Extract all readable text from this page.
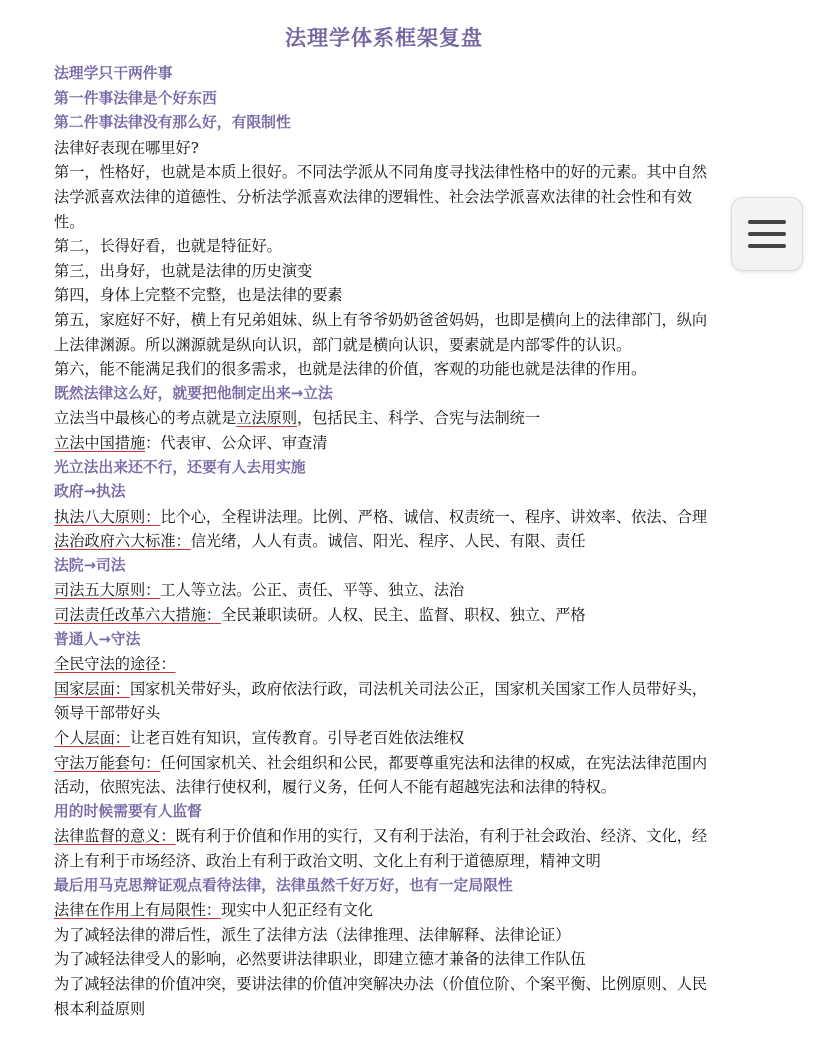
法理学体系框架复盘

法理学只干两件事

第一件事法律是个好东西

第二件事法律没有那么好，有限制性

法律好表现在哪里好?

第一，性格好，也就是本质上很好。不同法学派从不同角度寻找法律性格中的好的元素。其中自然法学派喜欢法律的道德性、分析法学派喜欢法律的逻辑性、社会法学派喜欢法律的社会性和有效性。

第二，长得好看，也就是特征好。

第三，出身好，也就是法律的历史演变

第四，身体上完整不完整，也是法律的要素

第五，家庭好不好，横上有兄弟姐妹、纵上有爷爷奶奶爸爸妈妈，也即是横向上的法律部门，纵向上法律渊源。所以渊源就是纵向认识，部门就是横向认识，要素就是内部零件的认识。

第六，能不能满足我们的很多需求，也就是法律的价值，客观的功能也就是法律的作用。

既然法律这么好，就要把他制定出来→立法

立法当中最核心的考点就是立法原则，包括民主、科学、合宪与法制统一

立法中国措施：代表审、公众评、审查清

光立法出来还不行，还要有人去用实施

政府→执法

执法八大原则：比个心，全程讲法理。比例、严格、诚信、权责统一、程序、讲效率、依法、合理

法治政府六大标准：信光绪，人人有责。诚信、阳光、程序、人民、有限、责任

法院→司法

司法五大原则：工人等立法。公正、责任、平等、独立、法治

司法责任改革六大措施：全民兼职读研。人权、民主、监督、职权、独立、严格

普通人→守法

全民守法的途径：

国家层面：国家机关带好头，政府依法行政，司法机关司法公正，国家机关国家工作人员带好头，领导干部带好头

个人层面：让老百姓有知识，宣传教育。引导老百姓依法维权

守法万能套句：任何国家机关、社会组织和公民，都要尊重宪法和法律的权威，在宪法法律范围内活动，依照宪法、法律行使权利，履行义务，任何人不能有超越宪法和法律的特权。

用的时候需要有人监督

法律监督的意义：既有利于价值和作用的实行，又有利于法治，有利于社会政治、经济、文化，经济上有利于市场经济、政治上有利于政治文明、文化上有利于道德原理，精神文明

最后用马克思辩证观点看待法律，法律虽然千好万好，也有一定局限性

法律在作用上有局限性：现实中人犯正经有文化

为了减轻法律的滞后性，派生了法律方法（法律推理、法律解释、法律论证）

为了减轻法律受人的影响，必然要讲法律职业，即建立德才兼备的法律工作队伍

为了减轻法律的价值冲突，要讲法律的价值冲突解决办法（价值位阶、个案平衡、比例原则、人民根本利益原则
